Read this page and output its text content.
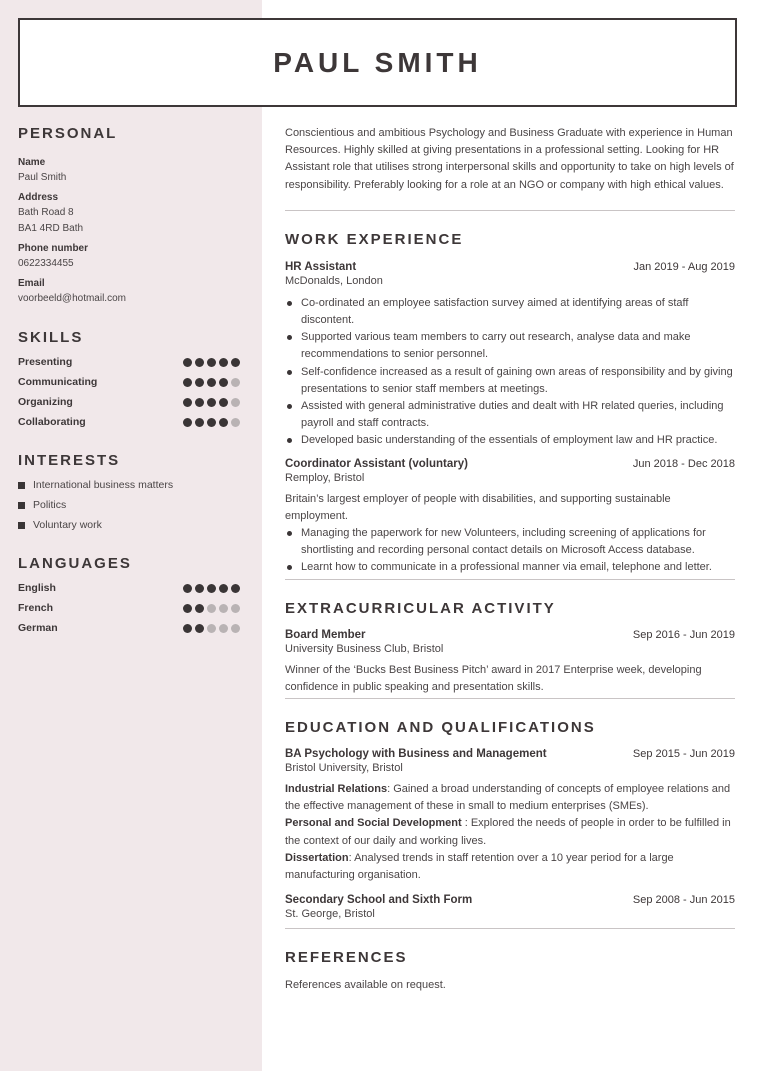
PAUL SMITH
PERSONAL
Name
Paul Smith
Address
Bath Road 8
BA1 4RD Bath
Phone number
0622334455
Email
voorbeeld@hotmail.com
SKILLS
Presenting
Communicating
Organizing
Collaborating
INTERESTS
International business matters
Politics
Voluntary work
LANGUAGES
English
French
German
Conscientious and ambitious Psychology and Business Graduate with experience in Human Resources. Highly skilled at giving presentations in a professional setting. Looking for HR Assistant role that utilises strong interpersonal skills and opportunity to take on high levels of responsibility. Preferably looking for a role at an NGO or company with high ethical values.
WORK EXPERIENCE
HR Assistant	Jan 2019 - Aug 2019
McDonalds, London
Co-ordinated an employee satisfaction survey aimed at identifying areas of staff discontent.
Supported various team members to carry out research, analyse data and make recommendations to senior personnel.
Self-confidence increased as a result of gaining own areas of responsibility and by giving presentations to senior staff members at meetings.
Assisted with general administrative duties and dealt with HR related queries, including payroll and staff contracts.
Developed basic understanding of the essentials of employment law and HR practice.
Coordinator Assistant (voluntary)	Jun 2018 - Dec 2018
Remploy, Bristol
Britain’s largest employer of people with disabilities, and supporting sustainable employment.
Managing the paperwork for new Volunteers, including screening of applications for shortlisting and recording personal contact details on Microsoft Access database.
Learnt how to communicate in a professional manner via email, telephone and letter.
EXTRACURRICULAR ACTIVITY
Board Member	Sep 2016 - Jun 2019
University Business Club, Bristol
Winner of the ‘Bucks Best Business Pitch’ award in 2017 Enterprise week, developing confidence in public speaking and presentation skills.
EDUCATION AND QUALIFICATIONS
BA Psychology with Business and Management	Sep 2015 - Jun 2019
Bristol University, Bristol
Industrial Relations: Gained a broad understanding of concepts of employee relations and the effective management of these in small to medium enterprises (SMEs).
Personal and Social Development : Explored the needs of people in order to be fulfilled in the context of our daily and working lives.
Dissertation: Analysed trends in staff retention over a 10 year period for a large manufacturing organisation.
Secondary School and Sixth Form	Sep 2008 - Jun 2015
St. George, Bristol
REFERENCES
References available on request.
